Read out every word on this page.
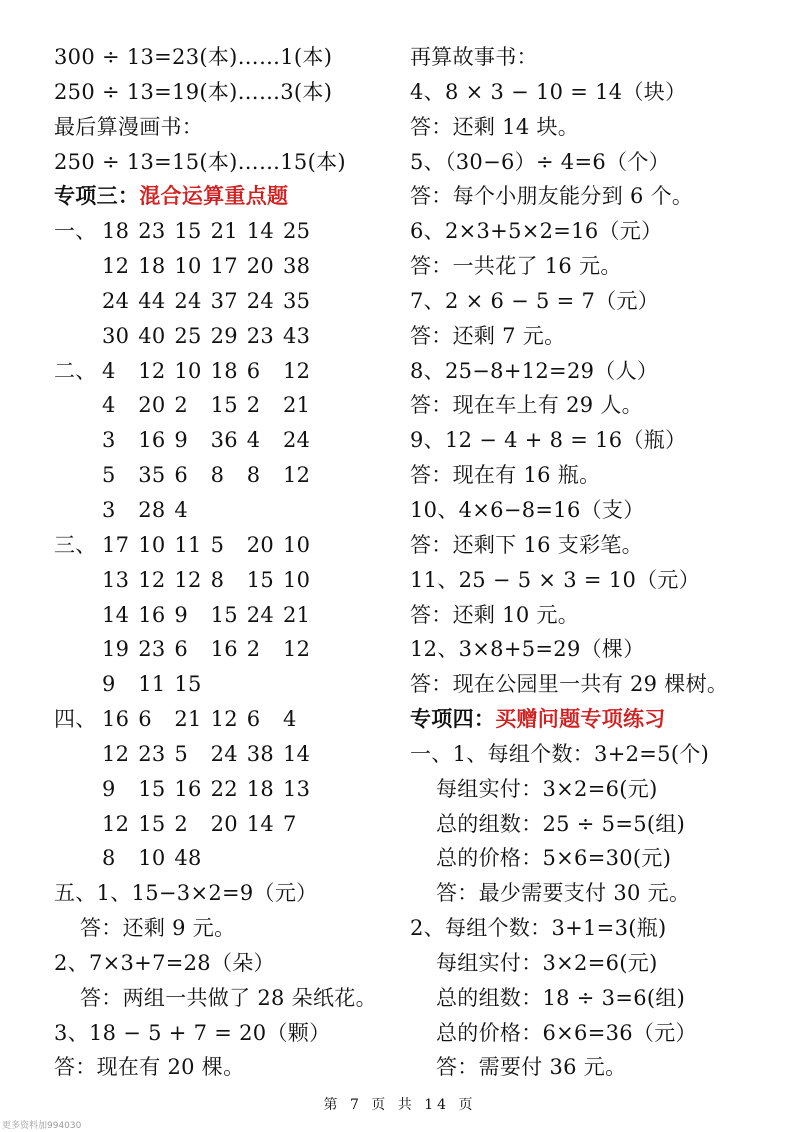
300 ÷ 13=23(本)……1(本)
250 ÷ 13=19(本)……3(本)
最后算漫画书：
250 ÷ 13=15(本)……15(本)
专项三：混合运算重点题
一、 18 23 15 21 14 25
12 18 10 17 20 38
24 44 24 37 24 35
30 40 25 29 23 43
二、 4	12 10 18 6	12
4	20 2	15 2	21
3	16 9	36 4	24
5	35 6	8	8	12
3	28 4
三、 17 10 11 5	20 10
13 12 12 8	15 10
14 16 9	15 24 21
19 23 6	16 2	12
9	11 15
四、 16 6	21 12 6	4
12 23 5	24 38 14
9	15 16 22 18 13
12 15 2	20 14 7
8	10 48
五、1、15−3×2=9（元）
答：还剩 9 元。
2、7×3+7=28（朵）
答：两组一共做了 28 朵纸花。
3、18 − 5 + 7 = 20（颗）
答：现在有 20 棵。
再算故事书：
4、8 × 3 − 10 = 14（块）
答：还剩 14 块。
5、（30−6）÷ 4=6（个）
答：每个小朋友能分到 6 个。
6、2×3+5×2=16（元）
答：一共花了 16 元。
7、2 × 6 − 5 = 7（元）
答：还剩 7 元。
8、25−8+12=29（人）
答：现在车上有 29 人。
9、12 − 4 + 8 = 16（瓶）
答：现在有 16 瓶。
10、4×6−8=16（支）
答：还剩下 16 支彩笔。
11、25 − 5 × 3 = 10（元）
答：还剩 10 元。
12、3×8+5=29（棵）
答：现在公园里一共有 29 棵树。
专项四：买赠问题专项练习
一、1、每组个数：3+2=5(个)
每组实付：3×2=6(元)
总的组数：25 ÷ 5=5(组)
总的价格：5×6=30(元)
答：最少需要支付 30 元。
2、每组个数：3+1=3(瓶)
每组实付：3×2=6(元)
总的组数：18 ÷ 3=6(组)
总的价格：6×6=36（元）
答：需要付 36 元。
第 7 页 共 14 页
更多资料加994030
